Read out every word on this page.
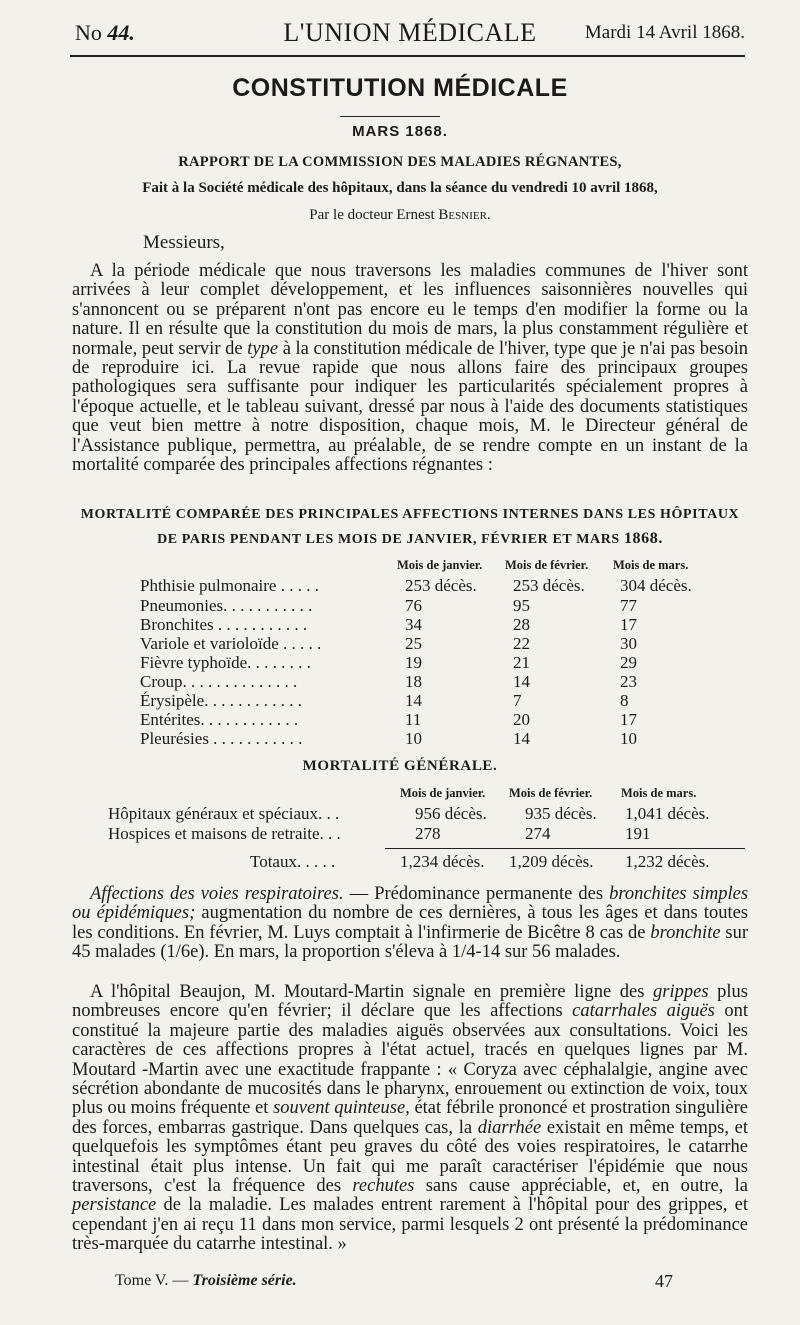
No 44.	L'UNION MÉDICALE	Mardi 14 Avril 1868.
CONSTITUTION MÉDICALE
MARS 1868.
RAPPORT DE LA COMMISSION DES MALADIES RÉGNANTES,
Fait à la Société médicale des hôpitaux, dans la séance du vendredi 10 avril 1868,
Par le docteur Ernest Besnier.
Messieurs,

A la période médicale que nous traversons les maladies communes de l'hiver sont arrivées à leur complet développement, et les influences saisonnières nouvelles qui s'annoncent ou se préparent n'ont pas encore eu le temps d'en modifier la forme ou la nature. Il en résulte que la constitution du mois de mars, la plus constamment régulière et normale, peut servir de type à la constitution médicale de l'hiver, type que je n'ai pas besoin de reproduire ici. La revue rapide que nous allons faire des principaux groupes pathologiques sera suffisante pour indiquer les particularités spécialement propres à l'époque actuelle, et le tableau suivant, dressé par nous à l'aide des documents statistiques que veut bien mettre à notre disposition, chaque mois, M. le Directeur général de l'Assistance publique, permettra, au préalable, de se rendre compte en un instant de la mortalité comparée des principales affections régnantes :

MORTALITÉ COMPARÉE DES PRINCIPALES AFFECTIONS INTERNES DANS LES HÔPITAUX
DE PARIS PENDANT LES MOIS DE JANVIER, FÉVRIER ET MARS 1868.
Mois de janvier. Mois de février. Mois de mars.
Phthisie pulmonaire . . . . .	253 décès. 253 décès. 304 décès.
Pneumonies. . . . . . . . . . .	76	95	77
Bronchites . . . . . . . . . . .	34	28	17
Variole et varioloïde . . . . .	25	22	30
Fièvre typhoïde. . . . . . . .	19	21	29
Croup. . . . . . . . . . . . . .	18	14	23
Érysipèle. . . . . . . . . . . .	14	7	8
Entérites. . . . . . . . . . . .	11	20	17
Pleurésies . . . . . . . . . . .	10	14	10
MORTALITÉ GÉNÉRALE.
Mois de janvier. Mois de février. Mois de mars.
Hôpitaux généraux et spéciaux. . .	956 décès. 935 décès. 1,041 décès.
Hospices et maisons de retraite. . .	278	274	191
Totaux. . . . .	1,234 décès. 1,209 décès. 1,232 décès.

Affections des voies respiratoires. — Prédominance permanente des bronchites simples ou épidémiques; augmentation du nombre de ces dernières, à tous les âges et dans toutes les conditions. En février, M. Luys comptait à l'infirmerie de Bicêtre 8 cas de bronchite sur 45 malades (1/6e). En mars, la proportion s'éleva à 1/4-14 sur 56 malades.

A l'hôpital Beaujon, M. Moutard-Martin signale en première ligne des grippes plus nombreuses encore qu'en février; il déclare que les affections catarrhales aiguës ont constitué la majeure partie des maladies aiguës observées aux consultations. Voici les caractères de ces affections propres à l'état actuel, tracés en quelques lignes par M. Moutard -Martin avec une exactitude frappante : « Coryza avec céphalalgie, angine avec sécrétion abondante de mucosités dans le pharynx, enrouement ou extinction de voix, toux plus ou moins fréquente et souvent quinteuse, état fébrile prononcé et prostration singulière des forces, embarras gastrique. Dans quelques cas, la diarrhée existait en même temps, et quelquefois les symptômes étant peu graves du côté des voies respiratoires, le catarrhe intestinal était plus intense. Un fait qui me paraît caractériser l'épidémie que nous traversons, c'est la fréquence des rechutes sans cause appréciable, et, en outre, la persistance de la maladie. Les malades entrent rarement à l'hôpital pour des grippes, et cependant j'en ai reçu 11 dans mon service, parmi lesquels 2 ont présenté la prédominance très-marquée du catarrhe intestinal. »

Tome V. — Troisième série.	47
